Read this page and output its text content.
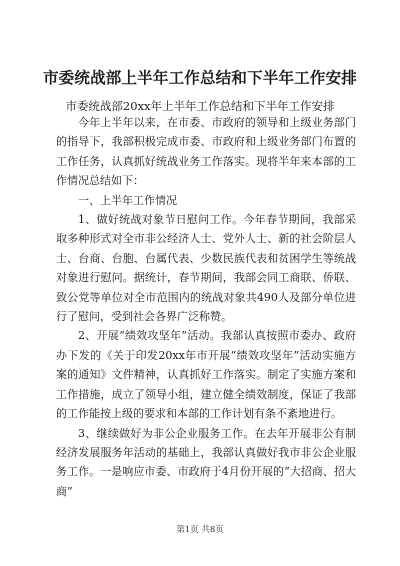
市委统战部上半年工作总结和下半年工作安排
市委统战部20xx年上半年工作总结和下半年工作安排

今年上半年以来，在市委、市政府的领导和上级业务部门的指导下，我部积极完成市委、市政府和上级业务部门布置的工作任务，认真抓好统战业务工作落实。现将半年来本部的工作情况总结如下：

一、上半年工作情况

1、做好统战对象节日慰问工作。今年春节期间，我部采取多种形式对全市非公经济人士、党外人士、新的社会阶层人士、台商、台胞、台属代表、少数民族代表和贫困学生等统战对象进行慰问。据统计，春节期间，我部会同工商联、侨联、致公党等单位对全市范围内的统战对象共490人及部分单位进行了慰问，受到社会各界广泛称赞。

2、开展“绩效攻坚年”活动。我部认真按照市委办、政府办下发的《关于印发20xx年市开展“绩效攻坚年”活动实施方案的通知》文件精神，认真抓好工作落实。制定了实施方案和工作措施，成立了领导小组，建立健全绩效制度，保证了我部的工作能按上级的要求和本部的工作计划有条不紊地进行。

3、继续做好为非公企业服务工作。在去年开展非公有制经济发展服务年活动的基础上，我部认真做好我市非公企业服务工作。一是响应市委、市政府于4月份开展的“大招商、招大商”

第1页 共8页
